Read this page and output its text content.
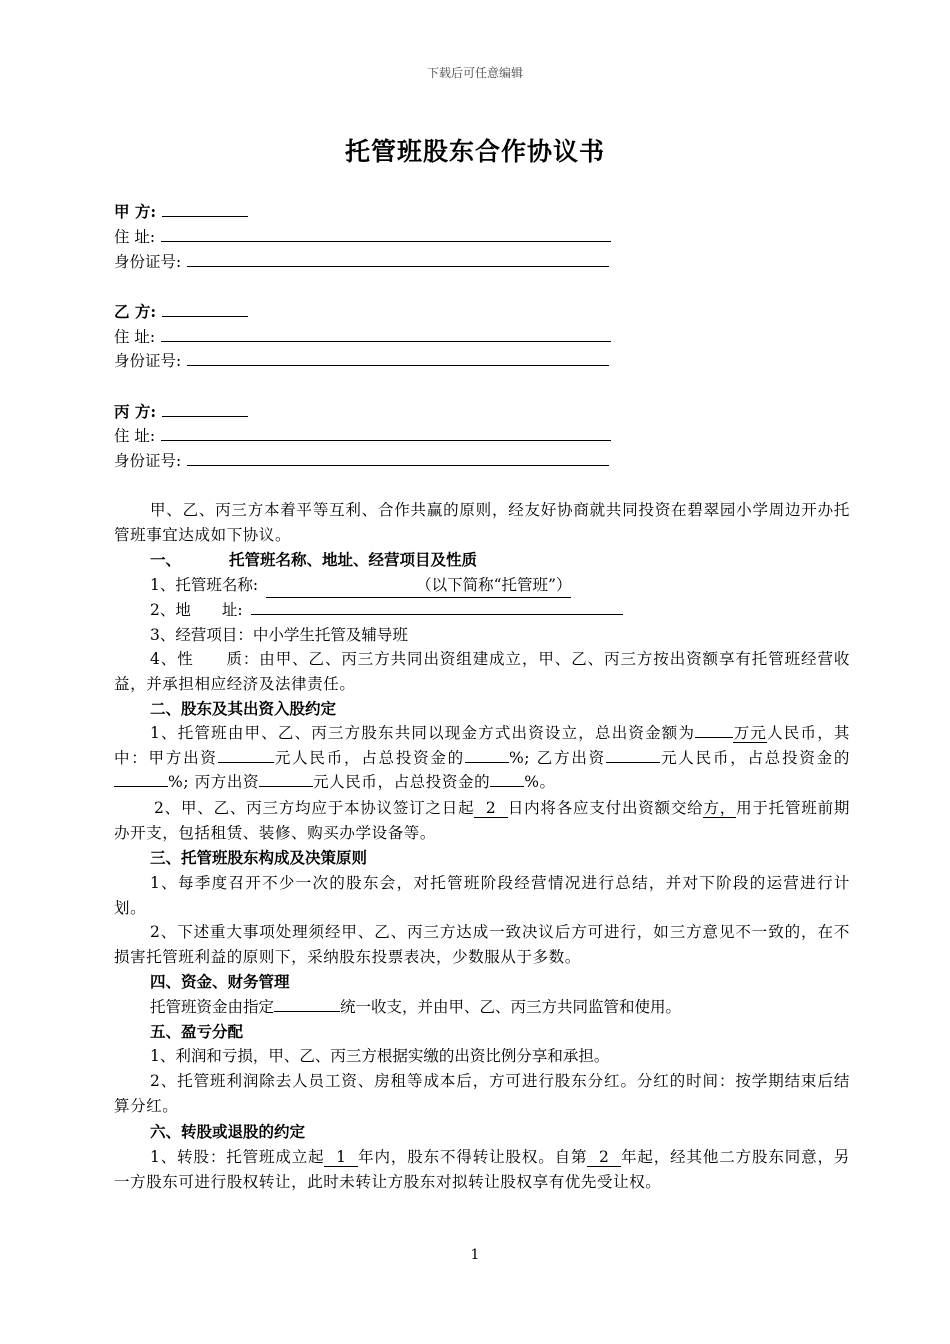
下载后可任意编辑
托管班股东合作协议书
甲 方:
住 址:
身份证号:
乙 方:
住 址:
身份证号:
丙 方:
住 址:
身份证号:
甲、乙、丙三方本着平等互利、合作共赢的原则，经友好协商就共同投资在碧翠园小学周边开办托管班事宜达成如下协议。
一、	托管班名称、地址、经营项目及性质
1、托管班名称:	（以下简称“托管班”）
2、地　　址:
3、经营项目：中小学生托管及辅导班
4、性　　质：由甲、乙、丙三方共同出资组建成立，甲、乙、丙三方按出资额享有托管班经营收益，并承担相应经济及法律责任。
二、股东及其出资入股约定
1、托管班由甲、乙、丙三方股东共同以现金方式出资设立，总出资金额为 万元人民币，其中：甲方出资	元人民币，占总投资金的	%; 乙方出资	元人民币，占总投资金的%; 丙方出资	元人民币，占总投资金的 %。
2、甲、乙、丙三方均应于本协议签订之日起 2 日内将各应支付出资额交给方，用于托管班前期办开支，包括租赁、装修、购买办学设备等。
三、托管班股东构成及决策原则
1、每季度召开不少一次的股东会，对托管班阶段经营情况进行总结，并对下阶段的运营进行计划。
2、下述重大事项处理须经甲、乙、丙三方达成一致决议后方可进行，如三方意见不一致的，在不损害托管班利益的原则下，采纳股东投票表决，少数服从于多数。
四、资金、财务管理
托管班资金由指定	统一收支，并由甲、乙、丙三方共同监管和使用。
五、盈亏分配
1、利润和亏损，甲、乙、丙三方根据实缴的出资比例分享和承担。
2、托管班利润除去人员工资、房租等成本后，方可进行股东分红。分红的时间：按学期结束后结算分红。
六、转股或退股的约定
1、转股：托管班成立起 1 年内，股东不得转让股权。自第 2 年起，经其他二方股东同意，另一方股东可进行股权转让，此时未转让方股东对拟转让股权享有优先受让权。
1
